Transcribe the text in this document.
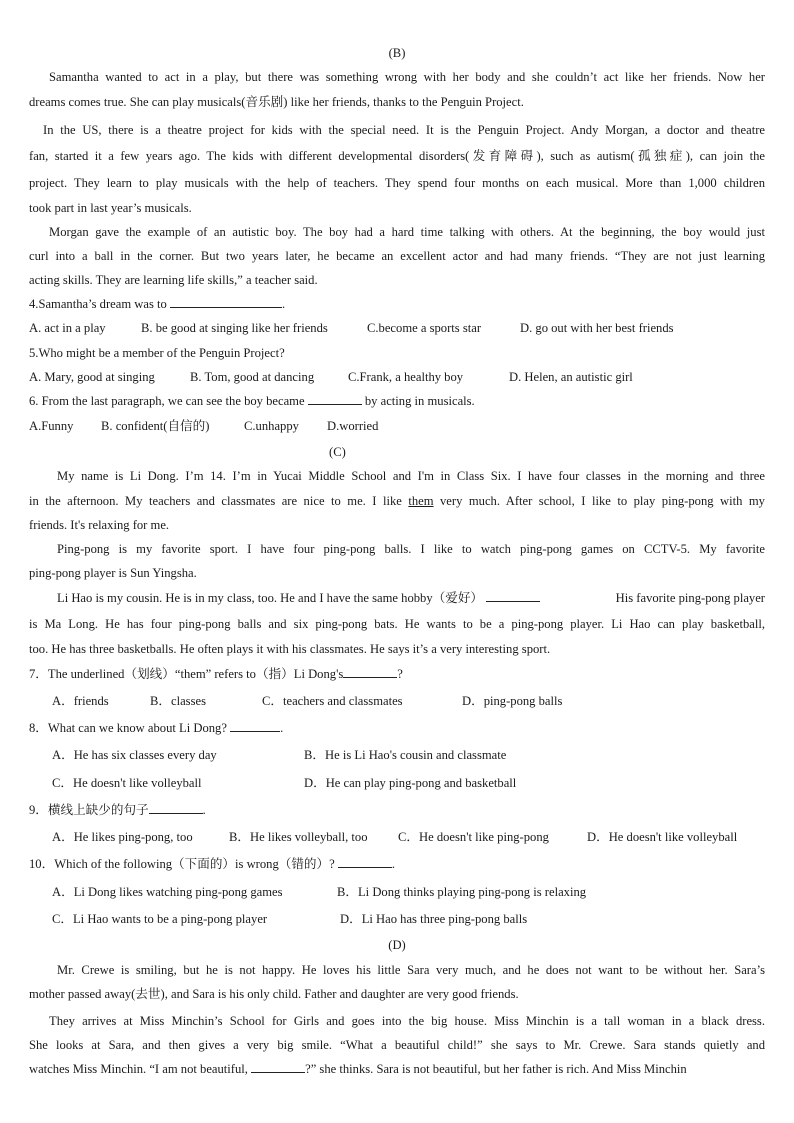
(B)
Samantha wanted to act in a play, but there was something wrong with her body and she couldn’t act like her friends. Now her
dreams comes true. She can play musicals(音乐剧) like her friends, thanks to the Penguin Project.
In the US, there is a theatre project for kids with the special need. It is the Penguin Project. Andy Morgan, a doctor and theatre
fan, started it a few years ago. The kids with different developmental disorders(发育障碍), such as autism(孤独症), can join the
project. They learn to play musicals with the help of teachers. They spend four months on each musical. More than 1,000 children
took part in last year’s musicals.
Morgan gave the example of an autistic boy. The boy had a hard time talking with others. At the beginning, the boy would just
curl into a ball in the corner. But two years later, he became an excellent actor and had many friends. “They are not just learning
acting skills. They are learning life skills,” a teacher said.
4.Samantha’s dream was to	.
A. act in a play	B. be good at singing like her friends	C.become a sports star	D. go out with her best friends
5.Who might be a member of the Penguin Project?
A. Mary, good at singing	B. Tom, good at dancing	C.Frank, a healthy boy	D. Helen, an autistic girl
6. From the last paragraph, we can see the boy became	by acting in musicals.
A.Funny B. confident(自信的)	C.unhappy D.worried
(C)
My name is Li Dong. I’m 14. I’m in Yucai Middle School and I'm in Class Six. I have four classes in the morning and three
in the afternoon. My teachers and classmates are nice to me. I like them very much. After school, I like to play ping-pong with my
friends. It's relaxing for me.
Ping-pong is my favorite sport. I have four ping-pong balls. I like to watch ping-pong games on CCTV-5. My favorite
ping-pong player is Sun Yingsha.
Li Hao is my cousin. He is in my class, too. He and I have the same hobby（爱好）	His favorite ping-pong player
is Ma Long. He has four ping-pong balls and six ping-pong bats. He wants to be a ping-pong player. Li Hao can play basketball,
too. He has three basketballs. He often plays it with his classmates. He says it’s a very interesting sport.
7．The underlined（划线）“them” refers to（指）Li Dong's	?
A．friends	B．classes	C．teachers and classmates	D．ping-pong balls
8．What can we know about Li Dong?	.
A．He has six classes every day	B．He is Li Hao's cousin and classmate
C．He doesn't like volleyball	D．He can play ping-pong and basketball
9．横线上缺少的句子	.
A．He likes ping-pong, too	B．He likes volleyball, too C．He doesn't like ping-pong	D．He doesn't like volleyball
10．Which of the following（下面的）is wrong（错的）?	.
A．Li Dong likes watching ping-pong games	B．Li Dong thinks playing ping-pong is relaxing
C．Li Hao wants to be a ping-pong player	D．Li Hao has three ping-pong balls
(D)
Mr. Crewe is smiling, but he is not happy. He loves his little Sara very much, and he does not want to be without her. Sara’s
mother passed away(去世), and Sara is his only child. Father and daughter are very good friends.
They arrives at Miss Minchin’s School for Girls and goes into the big house. Miss Minchin is a tall woman in a black dress.
She looks at Sara, and then gives a very big smile. “What a beautiful child!” she says to Mr. Crewe. Sara stands quietly and
watches Miss Minchin. “I am not beautiful,	?” she thinks. Sara is not beautiful, but her father is rich. And Miss Minchin
